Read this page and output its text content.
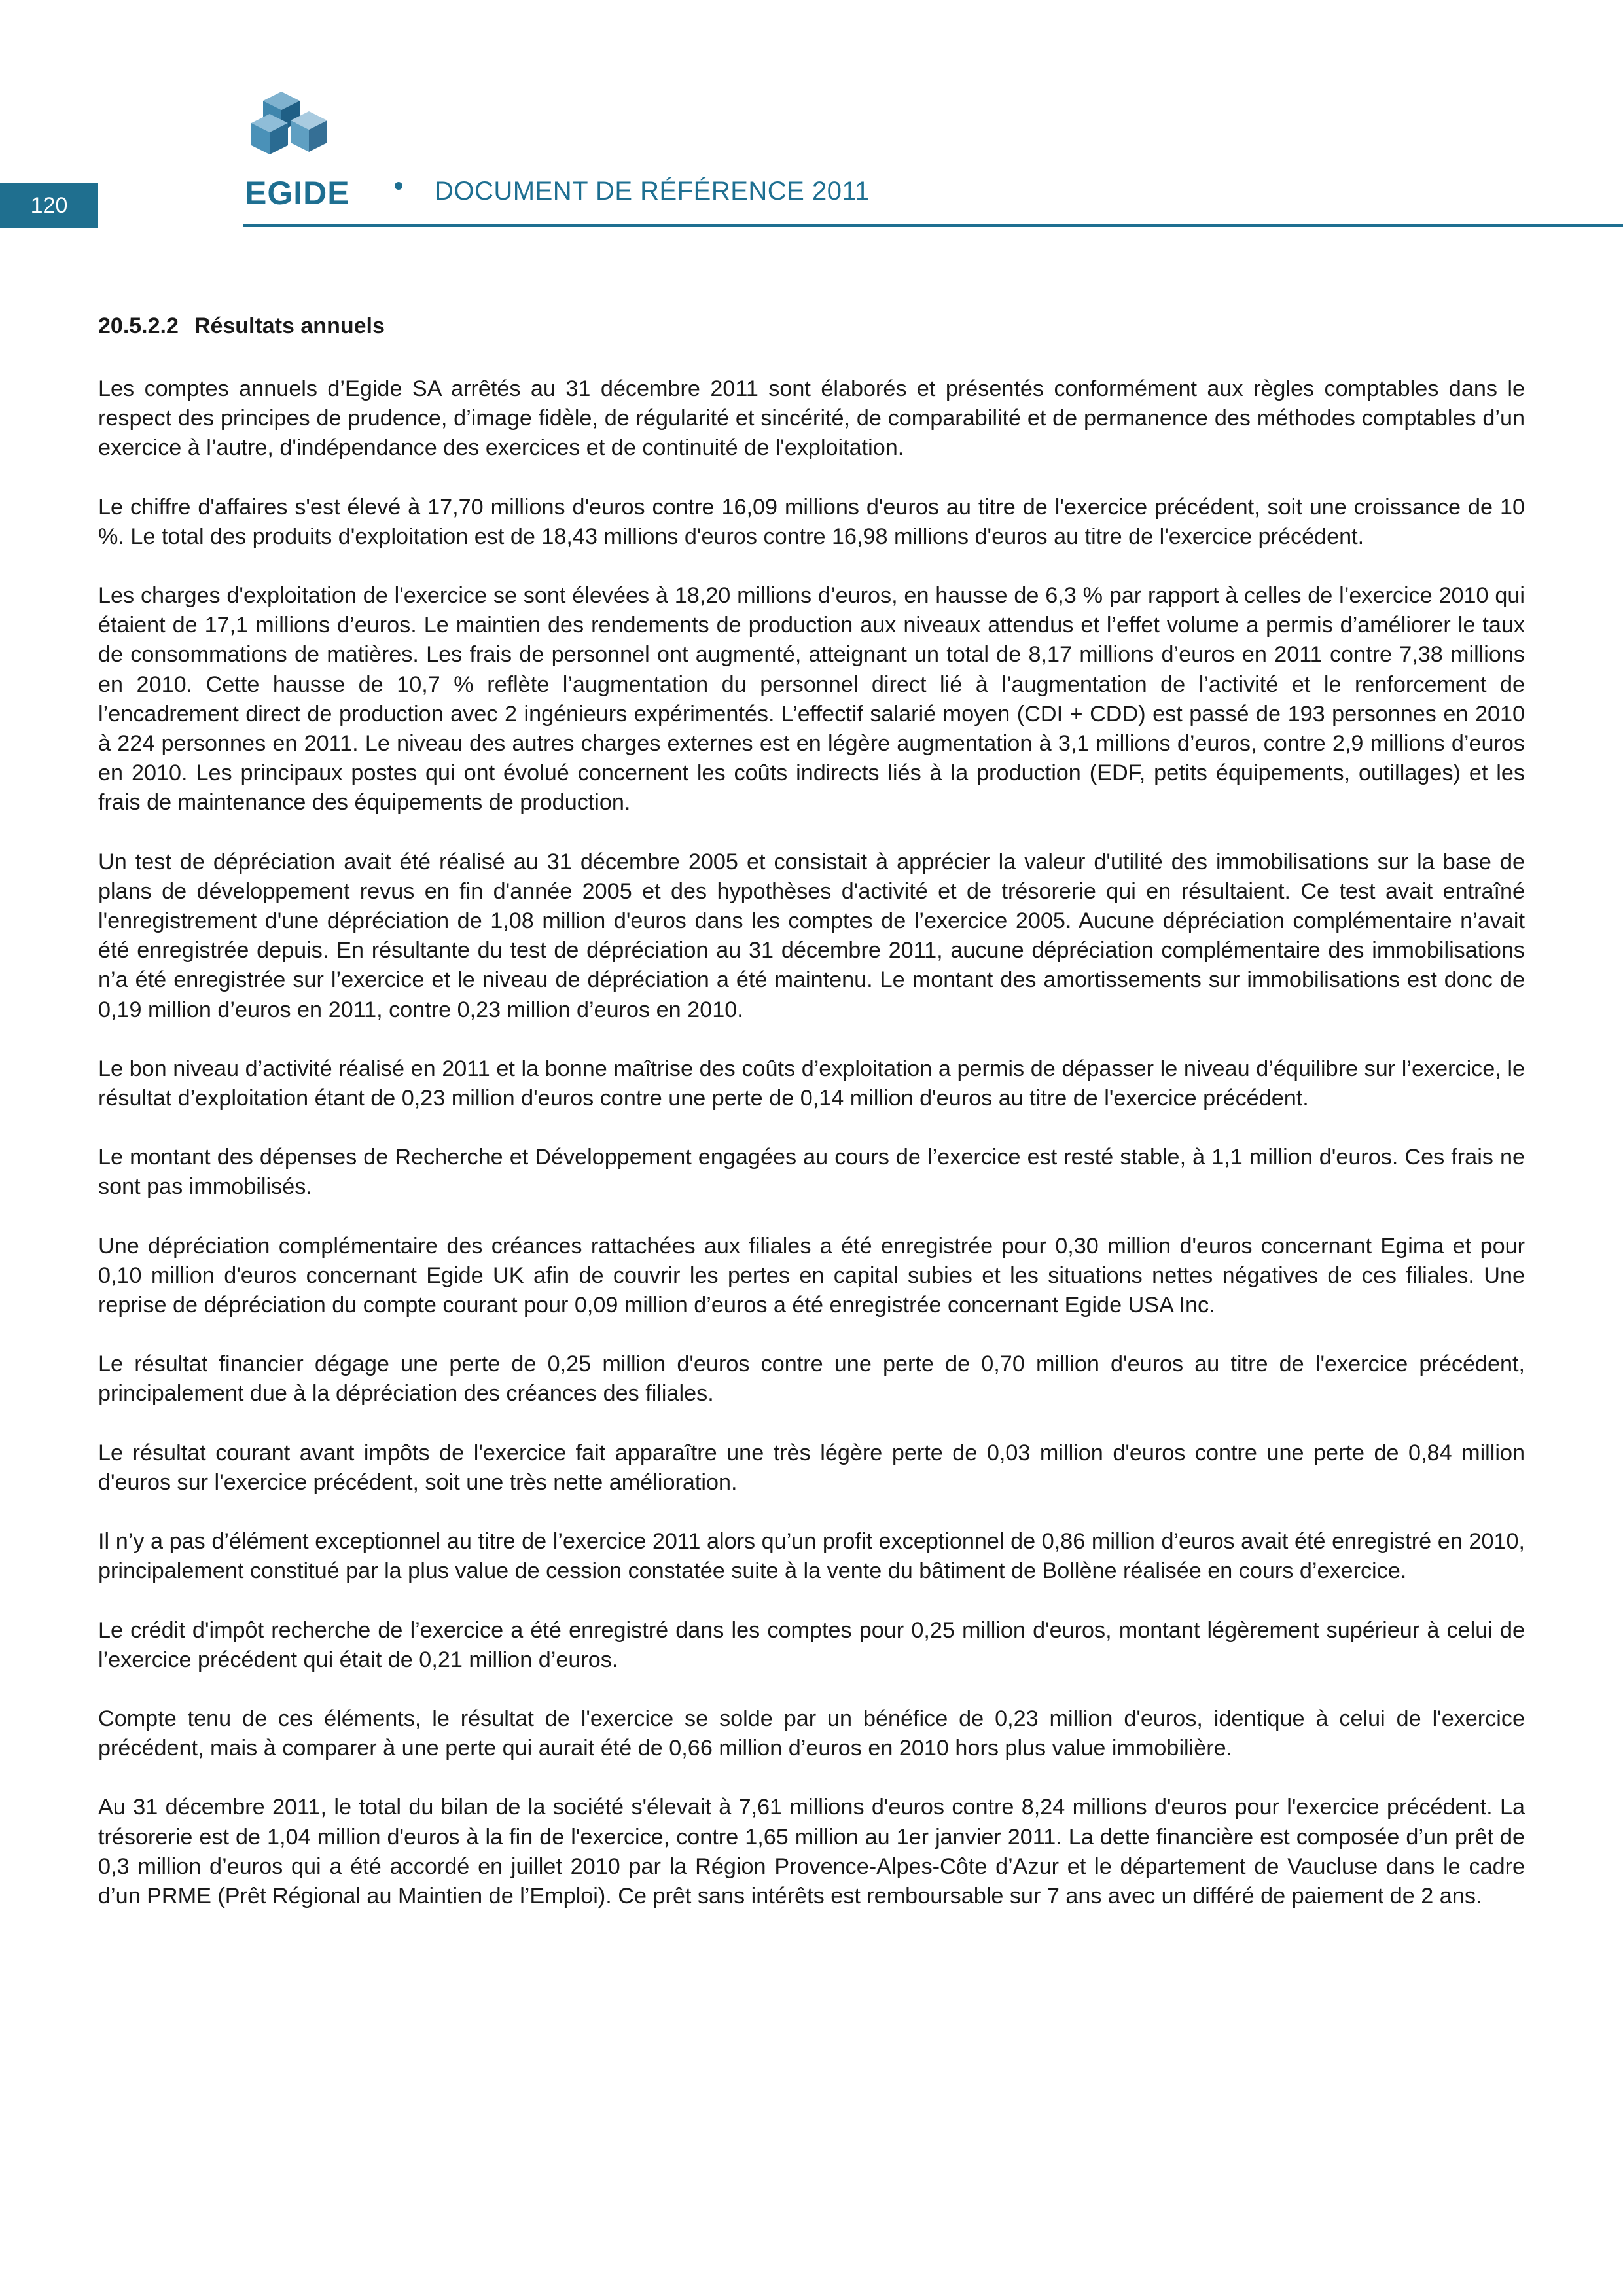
120	EGIDE	DOCUMENT DE RÉFÉRENCE 2011
20.5.2.2 Résultats annuels

Les comptes annuels d’Egide SA arrêtés au 31 décembre 2011 sont élaborés et présentés conformément aux règles comptables dans le respect des principes de prudence, d’image fidèle, de régularité et sincérité, de comparabilité et de permanence des méthodes comptables d’un exercice à l’autre, d'indépendance des exercices et de continuité de l'exploitation.

Le chiffre d'affaires s'est élevé à 17,70 millions d'euros contre 16,09 millions d'euros au titre de l'exercice précédent, soit une croissance de 10 %. Le total des produits d'exploitation est de 18,43 millions d'euros contre 16,98 millions d'euros au titre de l'exercice précédent.

Les charges d'exploitation de l'exercice se sont élevées à 18,20 millions d’euros, en hausse de 6,3 % par rapport à celles de l’exercice 2010 qui étaient de 17,1 millions d’euros. Le maintien des rendements de production aux niveaux attendus et l’effet volume a permis d’améliorer le taux de consommations de matières. Les frais de personnel ont augmenté, atteignant un total de 8,17 millions d’euros en 2011 contre 7,38 millions en 2010. Cette hausse de 10,7 % reflète l’augmentation du personnel direct lié à l’augmentation de l’activité et le renforcement de l’encadrement direct de production avec 2 ingénieurs expérimentés. L’effectif salarié moyen (CDI + CDD) est passé de 193 personnes en 2010 à 224 personnes en 2011. Le niveau des autres charges externes est en légère augmentation à 3,1 millions d’euros, contre 2,9 millions d’euros en 2010. Les principaux postes qui ont évolué concernent les coûts indirects liés à la production (EDF, petits équipements, outillages) et les frais de maintenance des équipements de production.

Un test de dépréciation avait été réalisé au 31 décembre 2005 et consistait à apprécier la valeur d'utilité des immobilisations sur la base de plans de développement revus en fin d'année 2005 et des hypothèses d'activité et de trésorerie qui en résultaient. Ce test avait entraîné l'enregistrement d'une dépréciation de 1,08 million d'euros dans les comptes de l’exercice 2005. Aucune dépréciation complémentaire n’avait été enregistrée depuis. En résultante du test de dépréciation au 31 décembre 2011, aucune dépréciation complémentaire des immobilisations n’a été enregistrée sur l’exercice et le niveau de dépréciation a été maintenu. Le montant des amortissements sur immobilisations est donc de 0,19 million d’euros en 2011, contre 0,23 million d’euros en 2010.

Le bon niveau d’activité réalisé en 2011 et la bonne maîtrise des coûts d’exploitation a permis de dépasser le niveau d’équilibre sur l’exercice, le résultat d’exploitation étant de 0,23 million d'euros contre une perte de 0,14 million d'euros au titre de l'exercice précédent.

Le montant des dépenses de Recherche et Développement engagées au cours de l’exercice est resté stable, à 1,1 million d'euros. Ces frais ne sont pas immobilisés.

Une dépréciation complémentaire des créances rattachées aux filiales a été enregistrée pour 0,30 million d'euros concernant Egima et pour 0,10 million d'euros concernant Egide UK afin de couvrir les pertes en capital subies et les situations nettes négatives de ces filiales. Une reprise de dépréciation du compte courant pour 0,09 million d’euros a été enregistrée concernant Egide USA Inc.

Le résultat financier dégage une perte de 0,25 million d'euros contre une perte de 0,70 million d'euros au titre de l'exercice précédent, principalement due à la dépréciation des créances des filiales.

Le résultat courant avant impôts de l'exercice fait apparaître une très légère perte de 0,03 million d'euros contre une perte de 0,84 million d'euros sur l'exercice précédent, soit une très nette amélioration.

Il n’y a pas d’élément exceptionnel au titre de l’exercice 2011 alors qu’un profit exceptionnel de 0,86 million d’euros avait été enregistré en 2010, principalement constitué par la plus value de cession constatée suite à la vente du bâtiment de Bollène réalisée en cours d’exercice.

Le crédit d'impôt recherche de l’exercice a été enregistré dans les comptes pour 0,25 million d'euros, montant légèrement supérieur à celui de l’exercice précédent qui était de 0,21 million d’euros.

Compte tenu de ces éléments, le résultat de l'exercice se solde par un bénéfice de 0,23 million d'euros, identique à celui de l'exercice précédent, mais à comparer à une perte qui aurait été de 0,66 million d’euros en 2010 hors plus value immobilière.

Au 31 décembre 2011, le total du bilan de la société s'élevait à 7,61 millions d'euros contre 8,24 millions d'euros pour l'exercice précédent. La trésorerie est de 1,04 million d'euros à la fin de l'exercice, contre 1,65 million au 1er janvier 2011. La dette financière est composée d’un prêt de 0,3 million d’euros qui a été accordé en juillet 2010 par la Région Provence-Alpes-Côte d’Azur et le département de Vaucluse dans le cadre d’un PRME (Prêt Régional au Maintien de l’Emploi). Ce prêt sans intérêts est remboursable sur 7 ans avec un différé de paiement de 2 ans.
